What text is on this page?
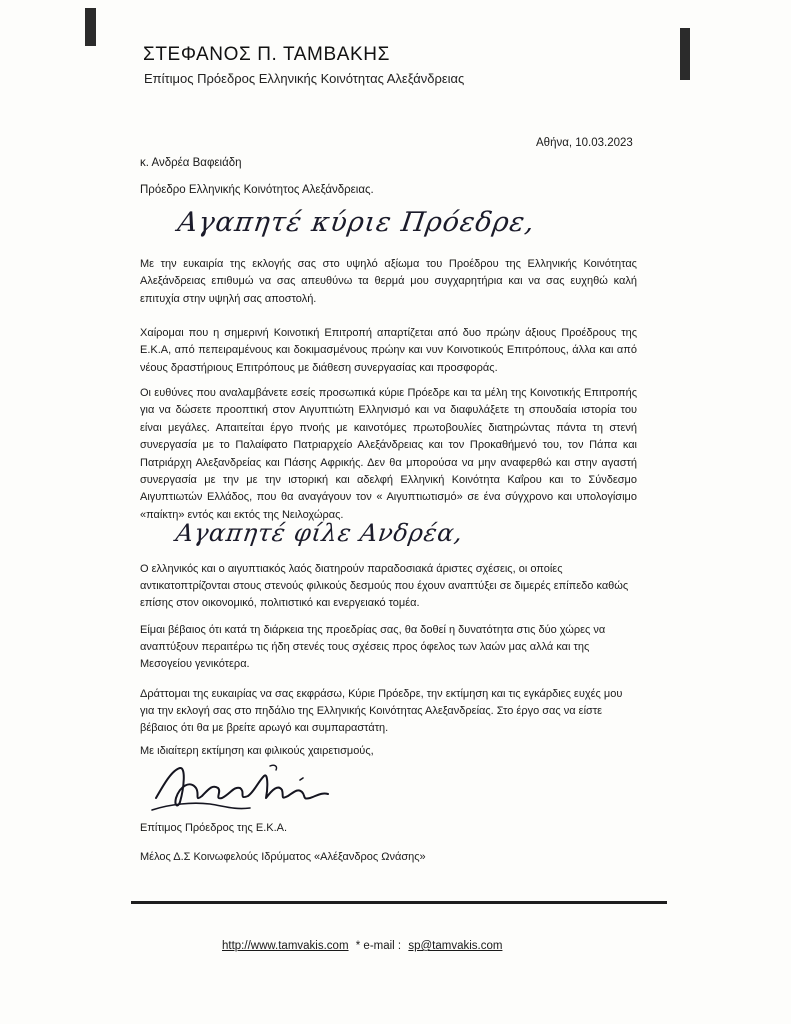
ΣΤΕΦΑΝΟΣ Π. ΤΑΜΒΑΚΗΣ
Επίτιμος Πρόεδρος Ελληνικής Κοινότητας Αλεξάνδρειας
Αθήνα, 10.03.2023
κ. Ανδρέα Βαφειάδη
Πρόεδρο Ελληνικής Κοινότητος Αλεξάνδρειας.
Αγαπητέ κύριε Πρόεδρε,

Με την ευκαιρία της εκλογής σας στο υψηλό αξίωμα του Προέδρου της Ελληνικής Κοινότητας Αλεξάνδρειας επιθυμώ να σας απευθύνω τα θερμά μου συγχαρητήρια και να σας ευχηθώ καλή επιτυχία στην υψηλή σας αποστολή.

Χαίρομαι που η σημερινή Κοινοτική Επιτροπή απαρτίζεται από δυο πρώην άξιους Προέδρους της Ε.Κ.Α, από πεπειραμένους και δοκιμασμένους πρώην και νυν Κοινοτικούς Επιτρόπους, άλλα και από νέους δραστήριους Επιτρόπους με διάθεση συνεργασίας και προσφοράς.

Οι ευθύνες που αναλαμβάνετε εσείς προσωπικά κύριε Πρόεδρε και τα μέλη της Κοινοτικής Επιτροπής για να δώσετε προοπτική στον Αιγυπτιώτη Ελληνισμό και να διαφυλάξετε τη σπουδαία ιστορία του είναι μεγάλες. Απαιτείται έργο πνοής με καινοτόμες πρωτοβουλίες διατηρώντας πάντα τη στενή συνεργασία με το Παλαίφατο Πατριαρχείο Αλεξάνδρειας και τον Προκαθήμενό του, τον Πάπα και Πατριάρχη Αλεξανδρείας και Πάσης Αφρικής. Δεν θα μπορούσα να μην αναφερθώ και στην αγαστή συνεργασία με την με την ιστορική και αδελφή Ελληνική Κοινότητα Καΐρου και το Σύνδεσμο Αιγυπτιωτών Ελλάδος, που θα αναγάγουν τον « Αιγυπτιωτισμό» σε ένα σύγχρονο και υπολογίσιμο «παίκτη» εντός και εκτός της Νειλοχώρας.

Αγαπητέ φίλε Ανδρέα,

Ο ελληνικός και ο αιγυπτιακός λαός διατηρούν παραδοσιακά άριστες σχέσεις, οι οποίες αντικατοπτρίζονται στους στενούς φιλικούς δεσμούς που έχουν αναπτύξει σε διμερές επίπεδο καθώς επίσης στον οικονομικό, πολιτιστικό και ενεργειακό τομέα.

Είμαι βέβαιος ότι κατά τη διάρκεια της προεδρίας σας, θα δοθεί η δυνατότητα στις δύο χώρες να αναπτύξουν περαιτέρω τις ήδη στενές τους σχέσεις προς όφελος των λαών μας αλλά και της Μεσογείου γενικότερα.

Δράττομαι της ευκαιρίας να σας εκφράσω, Κύριε Πρόεδρε, την εκτίμηση και τις εγκάρδιες ευχές μου για την εκλογή σας στο πηδάλιο της Ελληνικής Κοινότητας Αλεξανδρείας. Στο έργο σας να είστε βέβαιος ότι θα με βρείτε αρωγό και συμπαραστάτη.

Με ιδιαίτερη εκτίμηση και φιλικούς χαιρετισμούς,
Επίτιμος Πρόεδρος της Ε.Κ.Α.
Μέλος Δ.Σ Κοινωφελούς Ιδρύματος «Αλέξανδρος Ωνάσης»
http://www.tamvakis.com * e-mail : sp@tamvakis.com
